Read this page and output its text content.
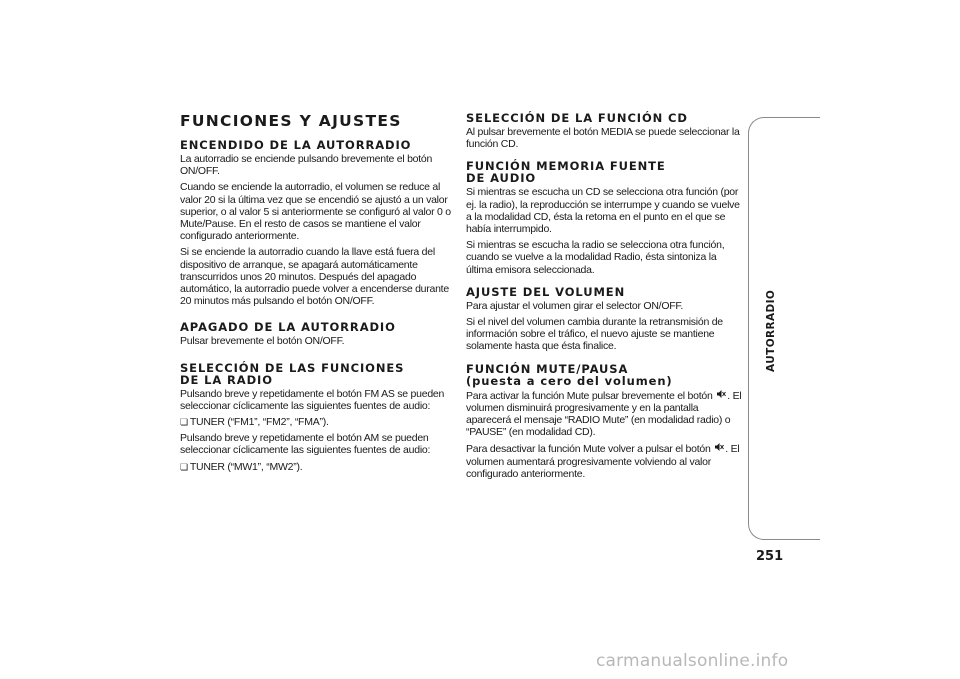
FUNCIONES Y AJUSTES
ENCENDIDO DE LA AUTORRADIO
La autorradio se enciende pulsando brevemente el botón ON/OFF.
Cuando se enciende la autorradio, el volumen se reduce al valor 20 si la última vez que se encendió se ajustó a un valor superior, o al valor 5 si anteriormente se configuró al valor 0 o Mute/Pause. En el resto de casos se mantiene el valor configurado anteriormente.
Si se enciende la autorradio cuando la llave está fuera del dispositivo de arranque, se apagará automáticamente transcurridos unos 20 minutos. Después del apagado automático, la autorradio puede volver a encenderse durante 20 minutos más pulsando el botón ON/OFF.
APAGADO DE LA AUTORRADIO
Pulsar brevemente el botón ON/OFF.
SELECCIÓN DE LAS FUNCIONES
DE LA RADIO
Pulsando breve y repetidamente el botón FM AS se pueden seleccionar cíclicamente las siguientes fuentes de audio:
❏ TUNER (“FM1”, “FM2”, “FMA”).
Pulsando breve y repetidamente el botón AM se pueden seleccionar cíclicamente las siguientes fuentes de audio:
❏ TUNER (“MW1”, “MW2”).
SELECCIÓN DE LA FUNCIÓN CD
Al pulsar brevemente el botón MEDIA se puede seleccionar la función CD.
FUNCIÓN MEMORIA FUENTE
DE AUDIO
Si mientras se escucha un CD se selecciona otra función (por ej. la radio), la reproducción se interrumpe y cuando se vuelve a la modalidad CD, ésta la retoma en el punto en el que se había interrumpido.
Si mientras se escucha la radio se selecciona otra función, cuando se vuelve a la modalidad Radio, ésta sintoniza la última emisora seleccionada.
AJUSTE DEL VOLUMEN
Para ajustar el volumen girar el selector ON/OFF.
Si el nivel del volumen cambia durante la retransmisión de información sobre el tráfico, el nuevo ajuste se mantiene solamente hasta que ésta finalice.
FUNCIÓN MUTE/PAUSA
(puesta a cero del volumen)
Para activar la función Mute pulsar brevemente el botón . El volumen disminuirá progresivamente y en la pantalla aparecerá el mensaje “RADIO Mute” (en modalidad radio) o “PAUSE” (en modalidad CD).
Para desactivar la función Mute volver a pulsar el botón . El volumen aumentará progresivamente volviendo al valor configurado anteriormente.
AUTORRADIO
251
carmanualsonline.info
